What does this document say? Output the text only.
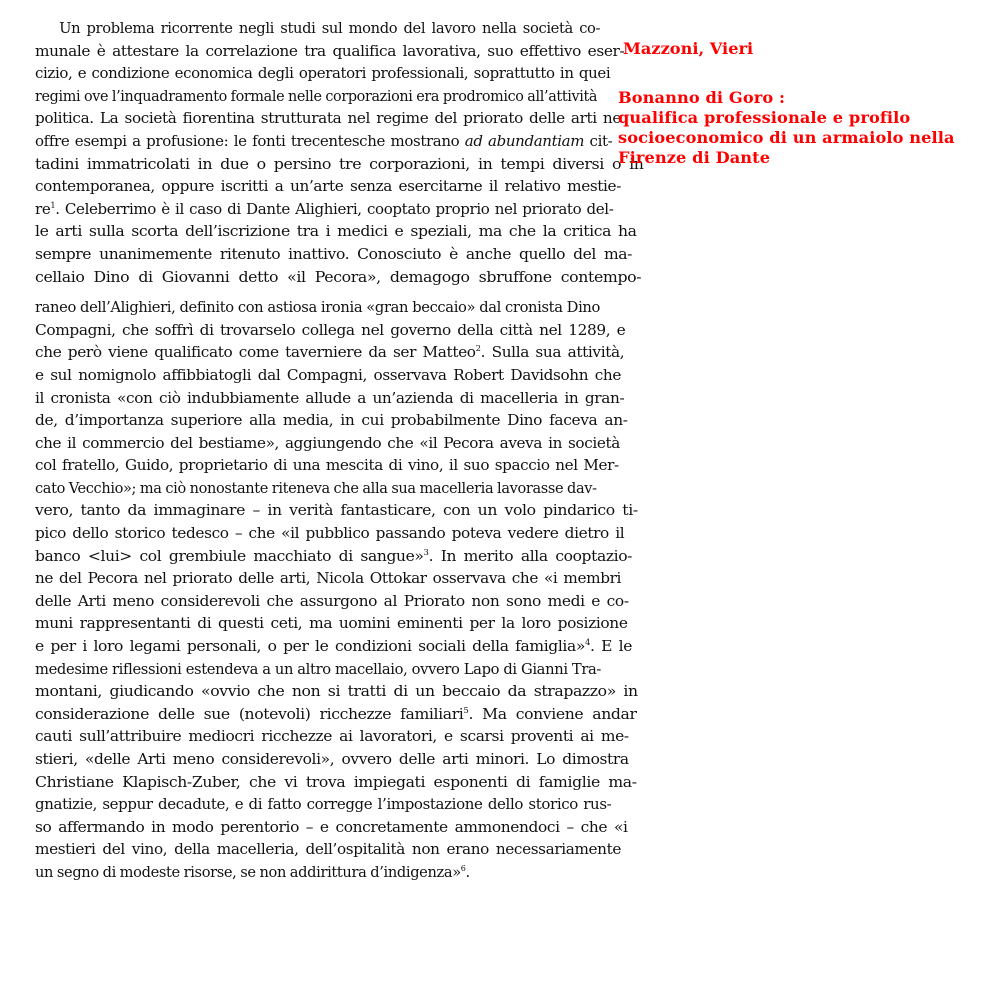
Un problema ricorrente negli studi sul mondo del lavoro nella società co-
munale è attestare la correlazione tra qualifica lavorativa, suo effettivo eser-
cizio, e condizione economica degli operatori professionali, soprattutto in quei
regimi ove l’inquadramento formale nelle corporazioni era prodromico all’attività
politica. La società fiorentina strutturata nel regime del priorato delle arti ne
offre esempi a profusione: le fonti trecentesche mostrano ad abundantiam cit-
tadini immatricolati in due o persino tre corporazioni, in tempi diversi o in
contemporanea, oppure iscritti a un’arte senza esercitarne il relativo mestie-
$re^1$. Celeberrimo è il caso di Dante Alighieri, cooptato proprio nel priorato del-
le arti sulla scorta dell’iscrizione tra i medici e speziali, ma che la critica ha
sempre unanimemente ritenuto inattivo. Conosciuto è anche quello del ma-
cellaio Dino di Giovanni detto «il Pecora», demagogo sbruffone contempo-
raneo dell’Alighieri, definito con astiosa ironia «gran beccaio» dal cronista Dino
Compagni, che soffrì di trovarselo collega nel governo della città nel 1289, e
che però viene qualificato come taverniere da ser Matteo$^2$. Sulla sua attività,
e sul nomignolo affibbiatogli dal Compagni, osservava Robert Davidsohn che
il cronista «con ciò indubbiamente allude a un’azienda di macelleria in gran-
de, d’importanza superiore alla media, in cui probabilmente Dino faceva an-
che il commercio del bestiame», aggiungendo che «il Pecora aveva in società
col fratello, Guido, proprietario di una mescita di vino, il suo spaccio nel Mer-
cato Vecchio»; ma ciò nonostante riteneva che alla sua macelleria lavorasse dav-
vero, tanto da immaginare – in verità fantasticare, con un volo pindarico ti-
pico dello storico tedesco – che «il pubblico passando poteva vedere dietro il
banco <lui> col grembiule macchiato di sangue»$^3$. In merito alla cooptazio-
ne del Pecora nel priorato delle arti, Nicola Ottokar osservava che «i membri
delle Arti meno considerevoli che assurgono al Priorato non sono medi e co-
muni rappresentanti di questi ceti, ma uomini eminenti per la loro posizione
e per i loro legami personali, o per le condizioni sociali della famiglia»$^4$. E le
medesime riflessioni estendeva a un altro macellaio, ovvero Lapo di Gianni Tra-
montani, giudicando «ovvio che non si tratti di un beccaio da strapazzo» in
considerazione delle sue (notevoli) ricchezze familiari$^5$. Ma conviene andar
cauti sull’attribuire mediocri ricchezze ai lavoratori, e scarsi proventi ai me-
stieri, «delle Arti meno considerevoli», ovvero delle arti minori. Lo dimostra
Christiane Klapisch-Zuber, che vi trova impiegati esponenti di famiglie ma-
gnatizie, seppur decadute, e di fatto corregge l’impostazione dello storico rus-
so affermando in modo perentorio – e concretamente ammonendoci – che «i
mestieri del vino, della macelleria, dell’ospitalità non erano necessariamente
un segno di modeste risorse, se non addirittura d’indigenza»$^6$.
Mazzoni, Vieri
Bonanno di Goro :
qualifica professionale e profilo
socioeconomico di un armaiolo nella
Firenze di Dante
